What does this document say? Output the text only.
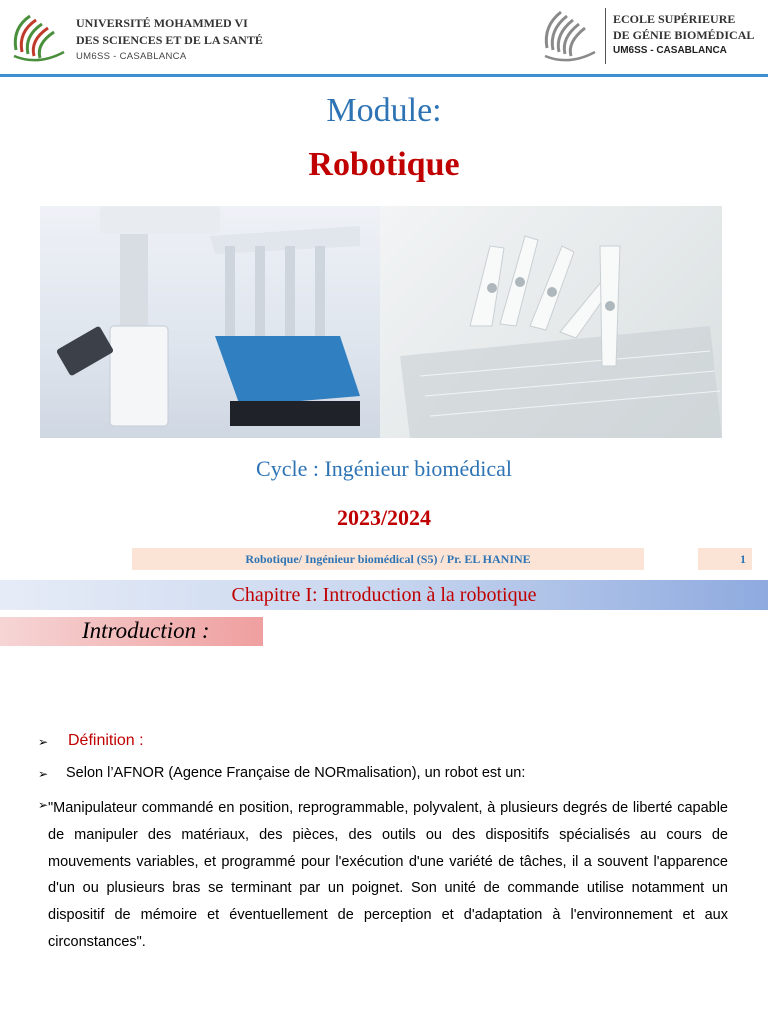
UNIVERSITÉ MOHAMMED VI
DES SCIENCES ET DE LA SANTÉ
UM6SS - CASABLANCA
ECOLE SUPÉRIEURE
DE GÉNIE BIOMÉDICAL
UM6SS - CASABLANCA
Module:
Robotique
Cycle : Ingénieur biomédical
2023/2024
Robotique/ Ingénieur biomédical (S5) / Pr. EL HANINE	1
Chapitre I: Introduction à la robotique
Introduction :
➢ Définition :
➢ Selon l’AFNOR (Agence Française de NORmalisation), un robot est un:
➢ "Manipulateur commandé en position, reprogrammable, polyvalent, à plusieurs degrés de liberté capable de manipuler des matériaux, des pièces, des outils ou des dispositifs spécialisés au cours de mouvements variables, et programmé pour l'exécution d'une variété de tâches, il a souvent l'apparence d'un ou plusieurs bras se terminant par un poignet. Son unité de commande utilise notamment un dispositif de mémoire et éventuellement de perception et d'adaptation à l'environnement et aux circonstances".
